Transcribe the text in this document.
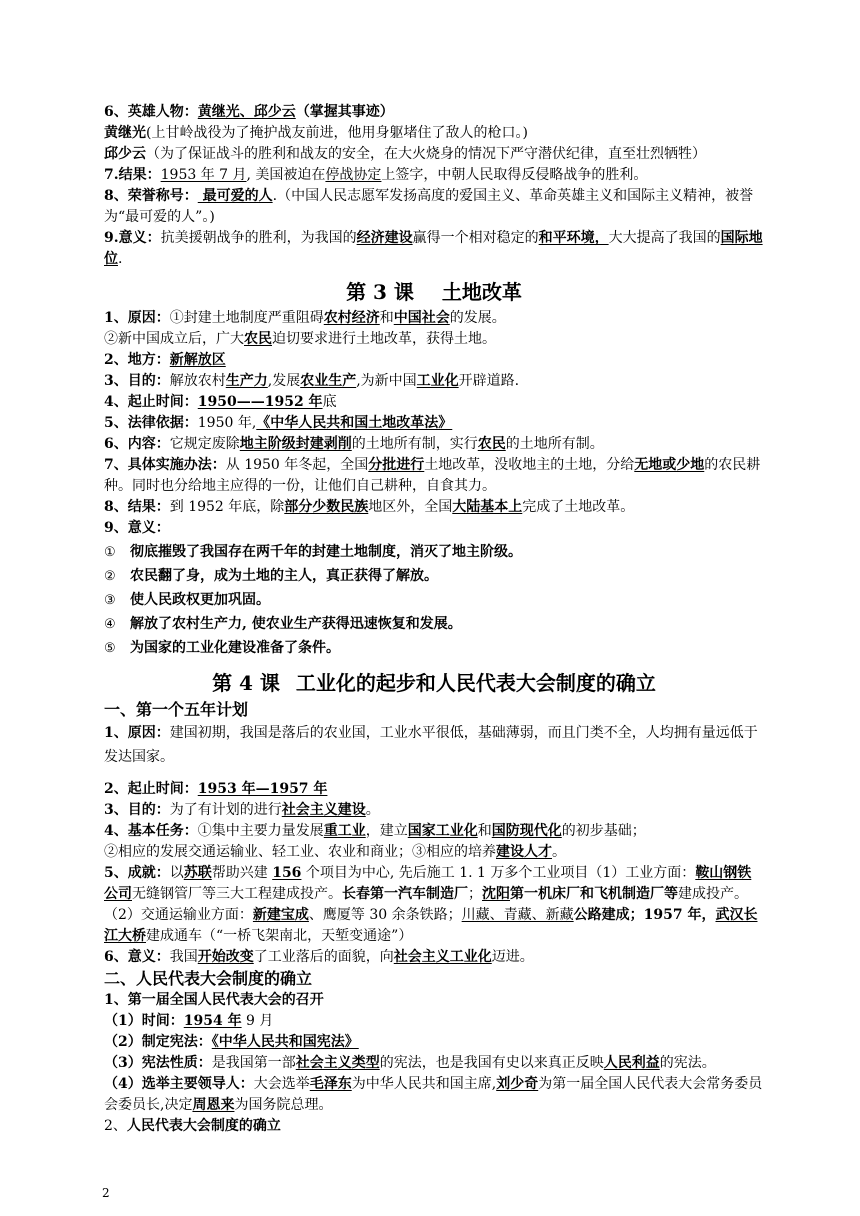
6、英雄人物：黄继光、邱少云（掌握其事迹）

黄继光(上甘岭战役为了掩护战友前进，他用身躯堵住了敌人的枪口。)

邱少云（为了保证战斗的胜利和战友的安全，在大火烧身的情况下严守潜伏纪律，直至壮烈牺牲）

7.结果：1953 年 7 月, 美国被迫在停战协定上签字，中朝人民取得反侵略战争的胜利。

8、荣誉称号： 最可爱的人.（中国人民志愿军发扬高度的爱国主义、革命英雄主义和国际主义精神，被誉为“最可爱的人”。)

9.意义：抗美援朝战争的胜利，为我国的经济建设赢得一个相对稳定的和平环境，大大提高了我国的国际地位.

第 3 课 土地改革

1、原因：①封建土地制度严重阻碍农村经济和中国社会的发展。

②新中国成立后，广大农民迫切要求进行土地改革，获得土地。

2、地方：新解放区

3、目的：解放农村生产力,发展农业生产,为新中国工业化开辟道路.

4、起止时间：1950——1952 年底

5、法律依据：1950 年,《中华人民共和国土地改革法》

6、内容：它规定废除地主阶级封建剥削的土地所有制，实行农民的土地所有制。

7、具体实施办法：从 1950 年冬起，全国分批进行土地改革，没收地主的土地，分给无地或少地的农民耕种。同时也分给地主应得的一份，让他们自己耕种，自食其力。

8、结果：到 1952 年底，除部分少数民族地区外，全国大陆基本上完成了土地改革。

9、意义：

① 彻底摧毁了我国存在两千年的封建土地制度，消灭了地主阶级。
② 农民翻了身，成为土地的主人，真正获得了解放。
③ 使人民政权更加巩固。
④ 解放了农村生产力, 使农业生产获得迅速恢复和发展。
⑤ 为国家的工业化建设准备了条件。
第 4 课 工业化的起步和人民代表大会制度的确立
一、第一个五年计划

1、原因：建国初期，我国是落后的农业国，工业水平很低，基础薄弱，而且门类不全，人均拥有量远低于发达国家。

2、起止时间：1953 年—1957 年

3、目的：为了有计划的进行社会主义建设。

4、基本任务：①集中主要力量发展重工业，建立国家工业化和国防现代化的初步基础；

②相应的发展交通运输业、轻工业、农业和商业；③相应的培养建设人才。

5、成就：以苏联帮助兴建 156 个项目为中心, 先后施工 1. 1 万多个工业项目（1）工业方面：鞍山钢铁公司无缝钢管厂等三大工程建成投产。长春第一汽车制造厂；沈阳第一机床厂和飞机制造厂等建成投产。（2）交通运输业方面：新建宝成、鹰厦等 30 余条铁路；川藏、青藏、新藏公路建成；1957 年，武汉长江大桥建成通车（“一桥飞架南北，天堑变通途”）

6、意义：我国开始改变了工业落后的面貌，向社会主义工业化迈进。

二、人民代表大会制度的确立

1、第一届全国人民代表大会的召开

（1）时间：1954 年 9 月

（2）制定宪法：《中华人民共和国宪法》

（3）宪法性质：是我国第一部社会主义类型的宪法，也是我国有史以来真正反映人民利益的宪法。

（4）选举主要领导人：大会选举毛泽东为中华人民共和国主席,刘少奇为第一届全国人民代表大会常务委员会委员长,决定周恩来为国务院总理。

2、人民代表大会制度的确立

2
